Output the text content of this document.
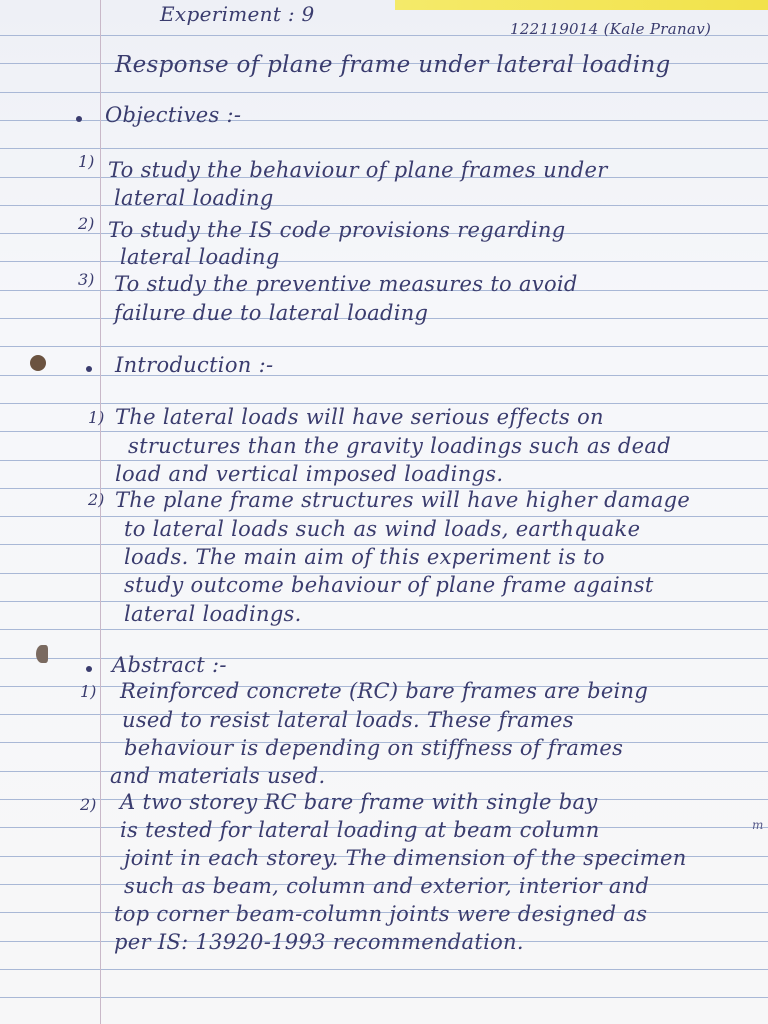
Experiment : 9
122119014 (Kale Pranav)
Response of plane frame under lateral loading
Objectives :-
1) To study the behaviour of plane frames under
lateral loading
2) To study the IS code provisions regarding
lateral loading
3) To study the preventive measures to avoid
failure due to lateral loading
Introduction :-
1) The lateral loads will have serious effects on
structures than the gravity loadings such as dead
load and vertical imposed loadings.
2) The plane frame structures will have higher damage
to lateral loads such as wind loads, earthquake
loads. The main aim of this experiment is to
study outcome behaviour of plane frame against
lateral loadings.
Abstract :-
1) Reinforced concrete (RC) bare frames are being
used to resist lateral loads. These frames
behaviour is depending on stiffness of frames
and materials used.
2) A two storey RC bare frame with single bay
is tested for lateral loading at beam column
joint in each storey. The dimension of the specimen
such as beam, column and exterior, interior and
top corner beam-column joints were designed as
per IS: 13920-1993 recommendation.
m
